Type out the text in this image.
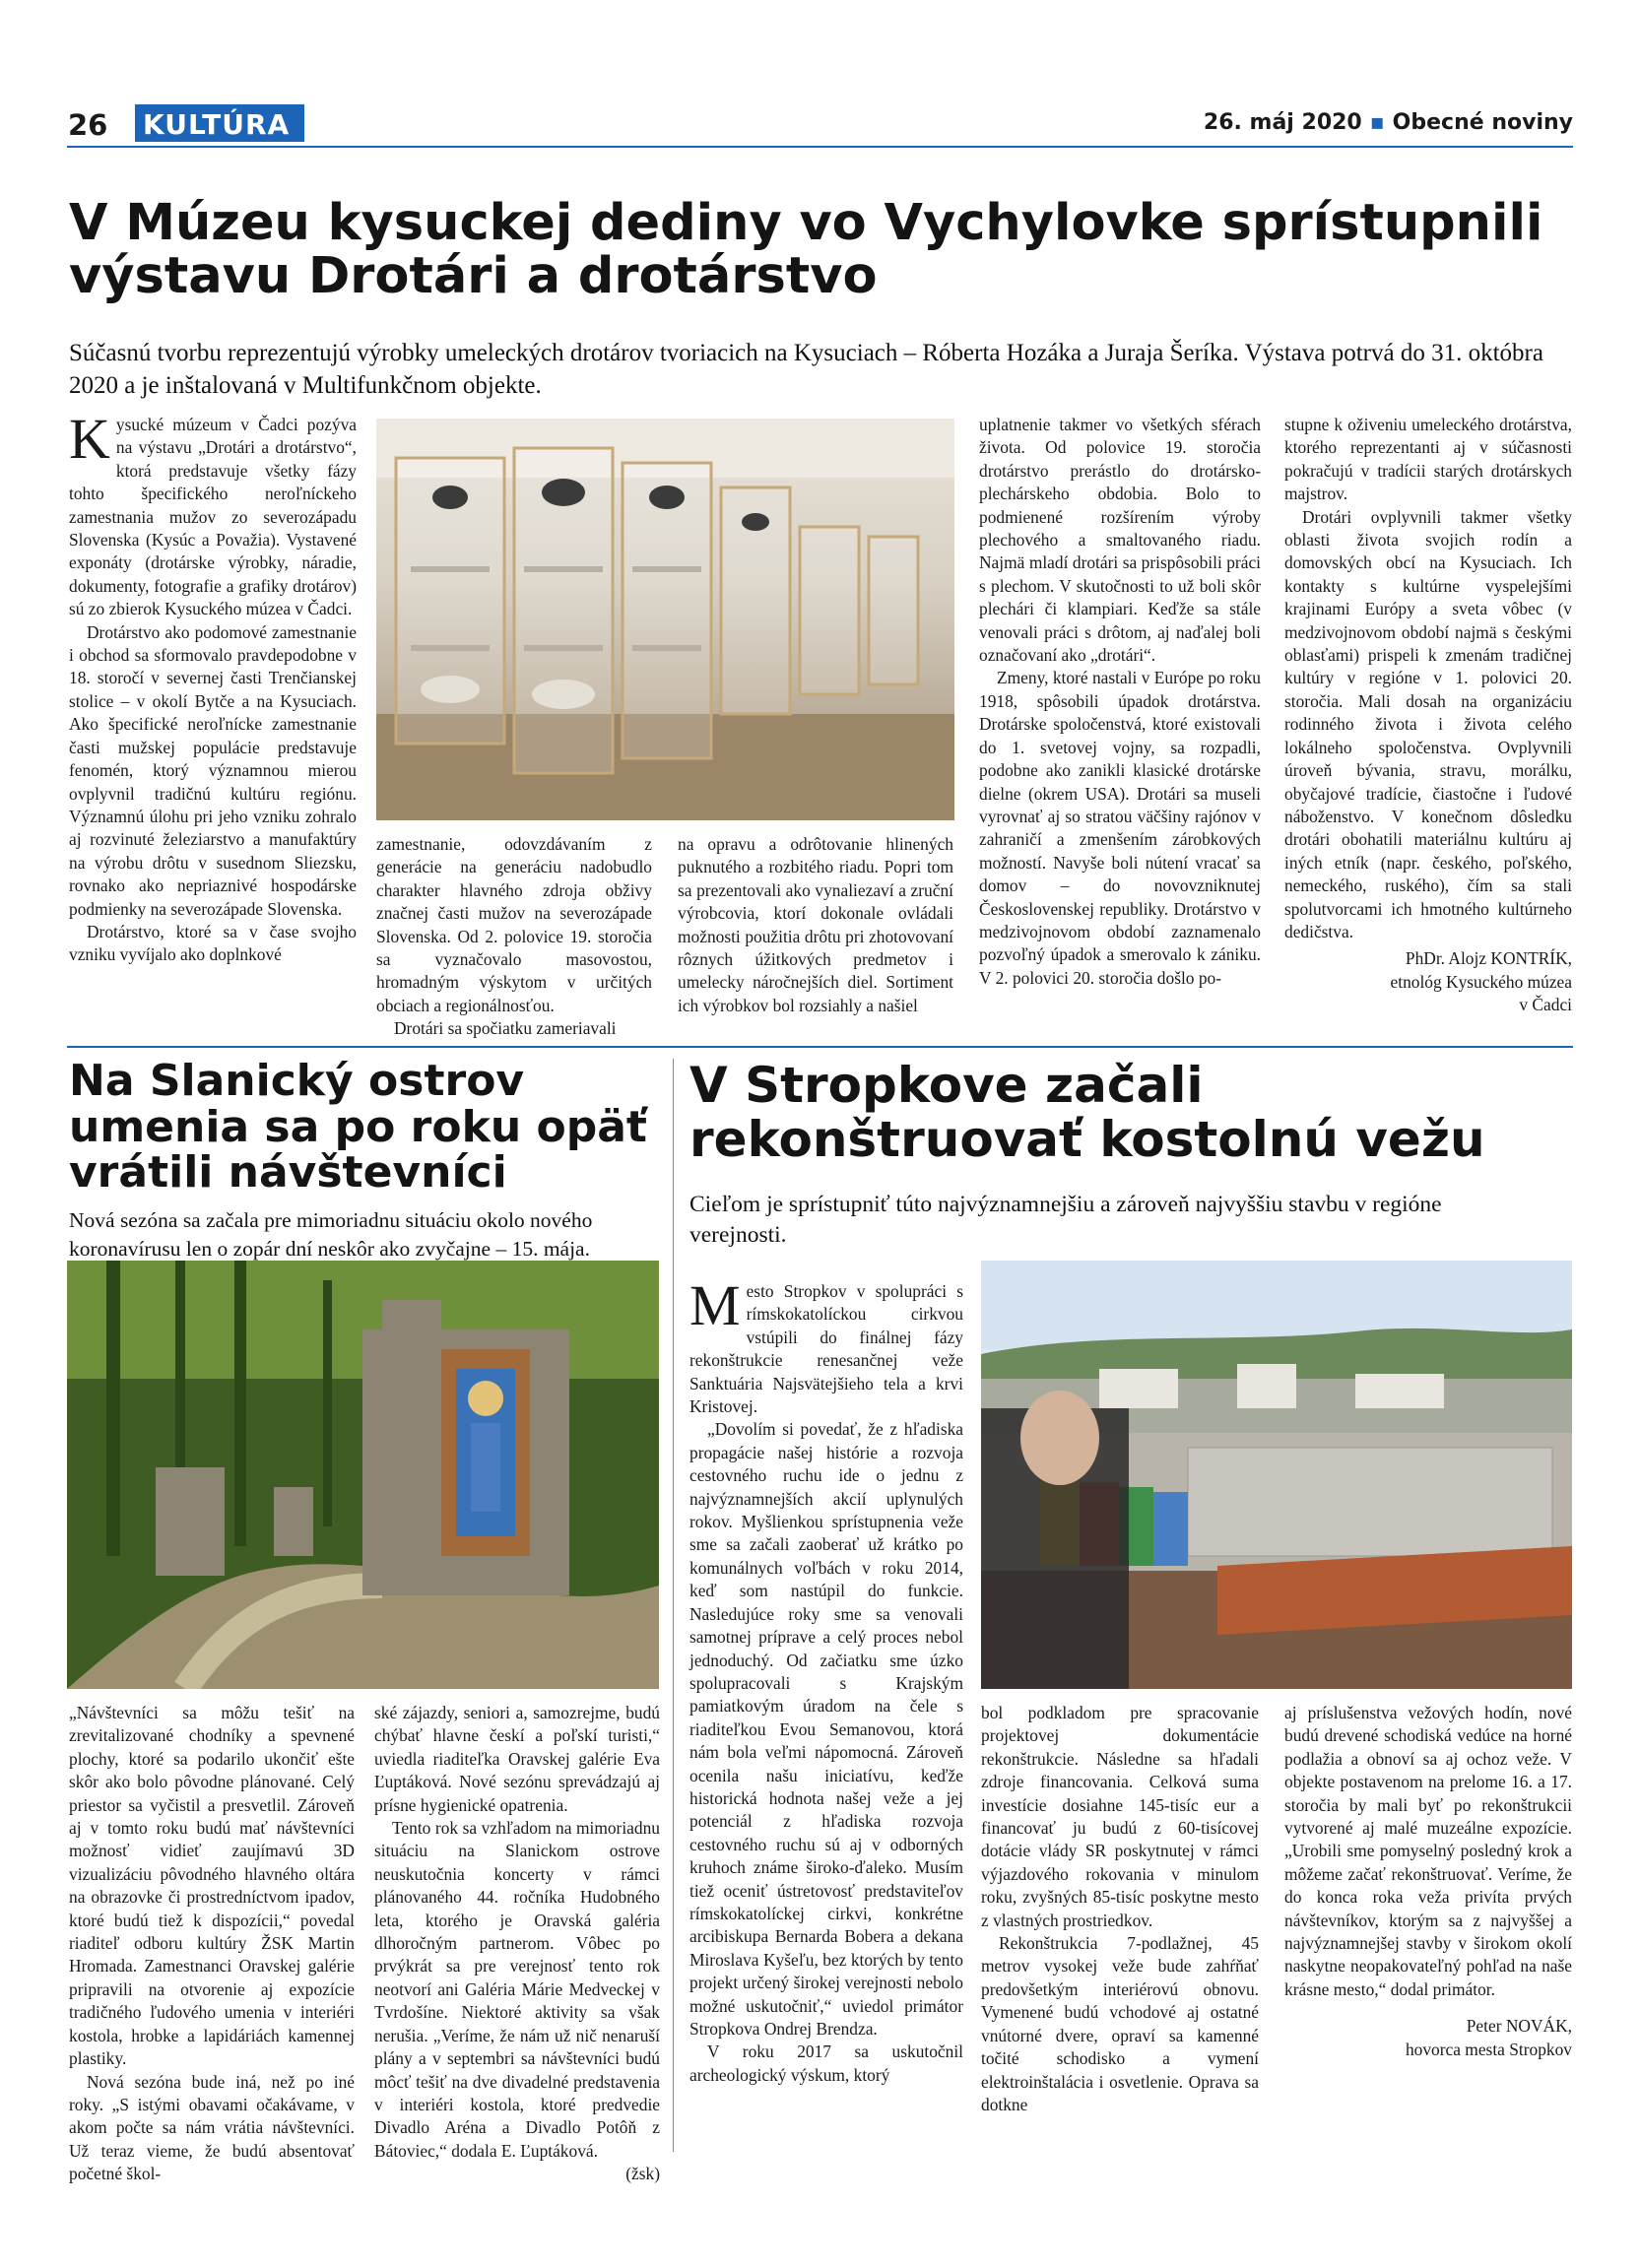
26 KULTÚRA	26. máj 2020 ▪ Obecné noviny
V Múzeu kysuckej dediny vo Vychylovke sprístupnili
výstavu Drotári a drotárstvo
Súčasnú tvorbu reprezentujú výrobky umeleckých drotárov tvoriacich na Kysuciach – Róberta Hozáka a Juraja Šeríka. Výstava potrvá do 31. októbra 2020 a je inštalovaná v Multifunkčnom objekte.

Kysucké múzeum v Čadci pozýva na výstavu „Drotári a drotárstvo“, ktorá predstavuje všetky fázy tohto špecifického neroľníckeho zamestnania mužov zo severozápadu Slovenska (Kysúc a Považia). Vystavené exponáty (drotárske výrobky, náradie, dokumenty, fotografie a grafiky drotárov) sú zo zbierok Kysuckého múzea v Čadci.

Drotárstvo ako podomové zamestnanie i obchod sa sformovalo pravdepodobne v 18. storočí v severnej časti Trenčianskej stolice – v okolí Bytče a na Kysuciach. Ako špecifické neroľnícke zamestnanie časti mužskej populácie predstavuje fenomén, ktorý významnou mierou ovplyvnil tradičnú kultúru regiónu. Významnú úlohu pri jeho vzniku zohralo aj rozvinuté železiarstvo a manufaktúry na výrobu drôtu v susednom Sliezsku, rovnako ako nepriaznivé hospodárske podmienky na severozápade Slovenska.

Drotárstvo, ktoré sa v čase svojho vzniku vyvíjalo ako doplnkové

zamestnanie, odovzdávaním z generácie na generáciu nadobudlo charakter hlavného zdroja obživy značnej časti mužov na severozápade Slovenska. Od 2. polovice 19. storočia sa vyznačovalo masovostou, hromadným výskytom v určitých obciach a regionálnosťou.

Drotári sa spočiatku zameriavali

na opravu a odrôtovanie hlinených puknutého a rozbitého riadu. Popri tom sa prezentovali ako vynaliezaví a zruční výrobcovia, ktorí dokonale ovládali možnosti použitia drôtu pri zhotovovaní rôznych úžitkových predmetov i umelecky náročnejších diel. Sortiment ich výrobkov bol rozsiahly a našiel

uplatnenie takmer vo všetkých sférach života. Od polovice 19. storočia drotárstvo prerástlo do drotársko-plechárskeho obdobia. Bolo to podmienené rozšírením výroby plechového a smaltovaného riadu. Najmä mladí drotári sa prispôsobili práci s plechom. V skutočnosti to už boli skôr plechári či klampiari. Keďže sa stále venovali práci s drôtom, aj naďalej boli označovaní ako „drotári“.

Zmeny, ktoré nastali v Európe po roku 1918, spôsobili úpadok drotárstva. Drotárske spoločenstvá, ktoré existovali do 1. svetovej vojny, sa rozpadli, podobne ako zanikli klasické drotárske dielne (okrem USA). Drotári sa museli vyrovnať aj so stratou väčšiny rajónov v zahraničí a zmenšením zárobkových možností. Navyše boli nútení vracať sa domov – do novovzniknutej Československej republiky. Drotárstvo v medzivojnovom období zaznamenalo pozvoľný úpadok a smerovalo k zániku. V 2. polovici 20. storočia došlo po-

stupne k oživeniu umeleckého drotárstva, ktorého reprezentanti aj v súčasnosti pokračujú v tradícii starých drotárskych majstrov.

Drotári ovplyvnili takmer všetky oblasti života svojich rodín a domovských obcí na Kysuciach. Ich kontakty s kultúrne vyspelejšími krajinami Európy a sveta vôbec (v medzivojnovom období najmä s českými oblasťami) prispeli k zmenám tradičnej kultúry v regióne v 1. polovici 20. storočia. Mali dosah na organizáciu rodinného života i života celého lokálneho spoločenstva. Ovplyvnili úroveň bývania, stravu, morálku, obyčajové tradície, čiastočne i ľudové náboženstvo. V konečnom dôsledku drotári obohatili materiálnu kultúru aj iných etník (napr. českého, poľského, nemeckého, ruského), čím sa stali spolutvorcami ich hmotného kultúrneho dedičstva.

PhDr. Alojz KONTRÍK,
etnológ Kysuckého múzea
v Čadci
Na Slanický ostrov
umenia sa po roku opäť
vrátili návštevníci
Nová sezóna sa začala pre mimoriadnu situáciu okolo nového koronavírusu len o zopár dní neskôr ako zvyčajne – 15. mája.

„Návštevníci sa môžu tešiť na zrevitalizované chodníky a spevnené plochy, ktoré sa podarilo ukončiť ešte skôr ako bolo pôvodne plánované. Celý priestor sa vyčistil a presvetlil. Zároveň aj v tomto roku budú mať návštevníci možnosť vidieť zaujímavú 3D vizualizáciu pôvodného hlavného oltára na obrazovke či prostredníctvom ipadov, ktoré budú tiež k dispozícii,“ povedal riaditeľ odboru kultúry ŽSK Martin Hromada. Zamestnanci Oravskej galérie pripravili na otvorenie aj expozície tradičného ľudového umenia v interiéri kostola, hrobke a lapidáriách kamennej plastiky.

Nová sezóna bude iná, než po iné roky. „S istými obavami očakávame, v akom počte sa nám vrátia návštevníci. Už teraz vieme, že budú absentovať početné škol-

ské zájazdy, seniori a, samozrejme, budú chýbať hlavne českí a poľskí turisti,“ uviedla riaditeľka Oravskej galérie Eva Ľuptáková. Nové sezónu sprevádzajú aj prísne hygienické opatrenia.

Tento rok sa vzhľadom na mimoriadnu situáciu na Slanickom ostrove neuskutočnia koncerty v rámci plánovaného 44. ročníka Hudobného leta, ktorého je Oravská galéria dlhoročným partnerom. Vôbec po prvýkrát sa pre verejnosť tento rok neotvorí ani Galéria Márie Medveckej v Tvrdošíne. Niektoré aktivity sa však nerušia. „Veríme, že nám už nič nenaruší plány a v septembri sa návštevníci budú môcť tešiť na dve divadelné predstavenia v interiéri kostola, ktoré predvedie Divadlo Aréna a Divadlo Potôň z Bátoviec,“ dodala E. Ľuptáková.

(žsk)
V Stropkove začali
rekonštruovať kostolnú vežu
Cieľom je sprístupniť túto najvýznamnejšiu a zároveň najvyššiu stavbu v regióne verejnosti.

Mesto Stropkov v spolupráci s rímskokatolíckou cirkvou vstúpili do finálnej fázy rekonštrukcie renesančnej veže Sanktuária Najsvätejšieho tela a krvi Kristovej.

„Dovolím si povedať, že z hľadiska propagácie našej histórie a rozvoja cestovného ruchu ide o jednu z najvýznamnejších akcií uplynulých rokov. Myšlienkou sprístupnenia veže sme sa začali zaoberať už krátko po komunálnych voľbách v roku 2014, keď som nastúpil do funkcie. Nasledujúce roky sme sa venovali samotnej príprave a celý proces nebol jednoduchý. Od začiatku sme úzko spolupracovali s Krajským pamiatkovým úradom na čele s riaditeľkou Evou Semanovou, ktorá nám bola veľmi nápomocná. Zároveň ocenila našu iniciatívu, keďže historická hodnota našej veže a jej potenciál z hľadiska rozvoja cestovného ruchu sú aj v odborných kruhoch známe široko-ďaleko. Musím tiež oceniť ústretovosť predstaviteľov rímskokatolíckej cirkvi, konkrétne arcibiskupa Bernarda Bobera a dekana Miroslava Kyšeľu, bez ktorých by tento projekt určený širokej verejnosti nebolo možné uskutočniť,“ uviedol primátor Stropkova Ondrej Brendza.

V roku 2017 sa uskutočnil archeologický výskum, ktorý

bol podkladom pre spracovanie projektovej dokumentácie rekonštrukcie. Následne sa hľadali zdroje financovania. Celková suma investície dosiahne 145-tisíc eur a financovať ju budú z 60-tisícovej dotácie vlády SR poskytnutej v rámci výjazdového rokovania v minulom roku, zvyšných 85-tisíc poskytne mesto z vlastných prostriedkov.

Rekonštrukcia 7-podlažnej, 45 metrov vysokej veže bude zahŕňať predovšetkým interiérovú obnovu. Vymenené budú vchodové aj ostatné vnútorné dvere, opraví sa kamenné točité schodisko a vymení elektroinštalácia i osvetlenie. Oprava sa dotkne

aj príslušenstva vežových hodín, nové budú drevené schodiská vedúce na horné podlažia a obnoví sa aj ochoz veže. V objekte postavenom na prelome 16. a 17. storočia by mali byť po rekonštrukcii vytvorené aj malé muzeálne expozície. „Urobili sme pomyselný posledný krok a môžeme začať rekonštruovať. Veríme, že do konca roka veža privíta prvých návštevníkov, ktorým sa z najvyššej a najvýznamnejšej stavby v širokom okolí naskytne neopakovateľný pohľad na naše krásne mesto,“ dodal primátor.

Peter NOVÁK,
hovorca mesta Stropkov
